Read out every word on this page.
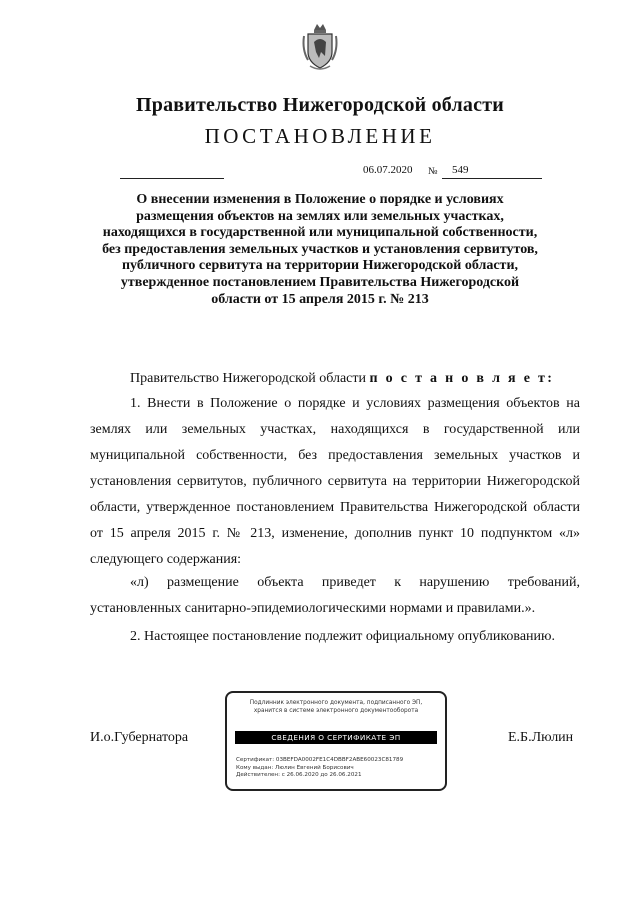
Правительство Нижегородской области
ПОСТАНОВЛЕНИЕ
06.07.2020 № 549
О внесении изменения в Положение о порядке и условиях размещения объектов на землях или земельных участках, находящихся в государственной или муниципальной собственности, без предоставления земельных участков и установления сервитутов, публичного сервитута на территории Нижегородской области, утвержденное постановлением Правительства Нижегородской области от 15 апреля 2015 г. № 213
Правительство Нижегородской области п о с т а н о в л я е т:
1. Внести в Положение о порядке и условиях размещения объектов на землях или земельных участках, находящихся в государственной или муниципальной собственности, без предоставления земельных участков и установления сервитутов, публичного сервитута на территории Нижегородской области, утвержденное постановлением Правительства Нижегородской области от 15 апреля 2015 г. № 213, изменение, дополнив пункт 10 подпунктом «л» следующего содержания:
«л) размещение объекта приведет к нарушению требований, установленных санитарно-эпидемиологическими нормами и правилами.».
2. Настоящее постановление подлежит официальному опубликованию.
И.о.Губернатора
Подлинник электронного документа, подписанного ЭП,
хранится в системе электронного документооборота
СВЕДЕНИЯ О СЕРТИФИКАТЕ ЭП
Сертификат: 03BEFDA0002FE1C4DBBF2ABE60023C81789
Кому выдан: Люлин Евгений Борисович
Действителен: с 26.06.2020 до 26.06.2021
Е.Б.Люлин
